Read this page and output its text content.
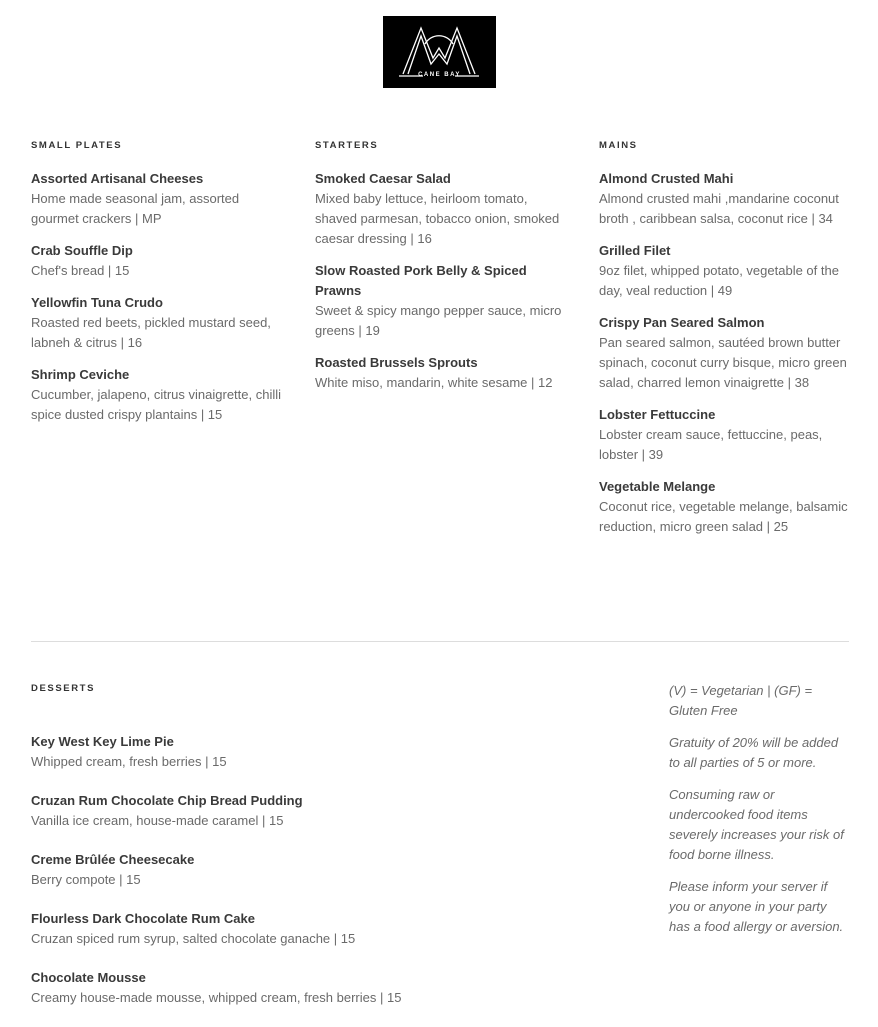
CANE BAY
SMALL PLATES
Assorted Artisanal Cheeses
Home made seasonal jam, assorted gourmet crackers | MP
Crab Souffle Dip
Chef's bread | 15
Yellowfin Tuna Crudo
Roasted red beets, pickled mustard seed, labneh & citrus | 16
Shrimp Ceviche
Cucumber, jalapeno, citrus vinaigrette, chilli spice dusted crispy plantains | 15
STARTERS
Smoked Caesar Salad
Mixed baby lettuce, heirloom tomato, shaved parmesan, tobacco onion, smoked caesar dressing | 16
Slow Roasted Pork Belly & Spiced Prawns
Sweet & spicy mango pepper sauce, micro greens | 19
Roasted Brussels Sprouts
White miso, mandarin, white sesame | 12
MAINS
Almond Crusted Mahi
Almond crusted mahi ,mandarine coconut broth , caribbean salsa, coconut rice | 34
Grilled Filet
9oz filet, whipped potato, vegetable of the day, veal reduction | 49
Crispy Pan Seared Salmon
Pan seared salmon, sautéed brown butter spinach, coconut curry bisque, micro green salad, charred lemon vinaigrette | 38
Lobster Fettuccine
Lobster cream sauce, fettuccine, peas, lobster | 39
Vegetable Melange
Coconut rice, vegetable melange, balsamic reduction, micro green salad | 25
DESSERTS
Key West Key Lime Pie
Whipped cream, fresh berries | 15
Cruzan Rum Chocolate Chip Bread Pudding
Vanilla ice cream, house-made caramel | 15
Creme Brûlée Cheesecake
Berry compote | 15
Flourless Dark Chocolate Rum Cake
Cruzan spiced rum syrup, salted chocolate ganache | 15
Chocolate Mousse
Creamy house-made mousse, whipped cream, fresh berries | 15

(V) = Vegetarian | (GF) = Gluten Free

Gratuity of 20% will be added to all parties of 5 or more.

Consuming raw or undercooked food items severely increases your risk of food borne illness.

Please inform your server if you or anyone in your party has a food allergy or aversion.
